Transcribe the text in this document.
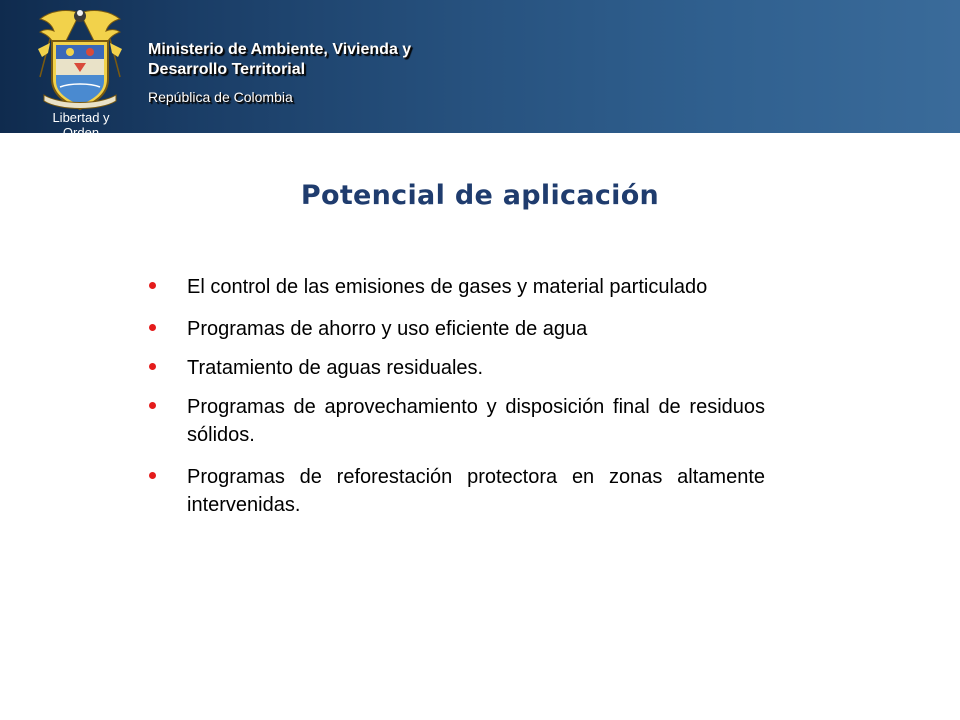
Libertad y Orden
Ministerio de Ambiente, Vivienda y
Desarrollo Territorial
República de Colombia
Potencial de aplicación
El control de las emisiones de gases y material particulado
Programas de ahorro y uso eficiente de agua
Tratamiento de aguas residuales.
Programas de aprovechamiento y disposición final de residuos sólidos.
Programas de reforestación protectora en zonas altamente intervenidas.
